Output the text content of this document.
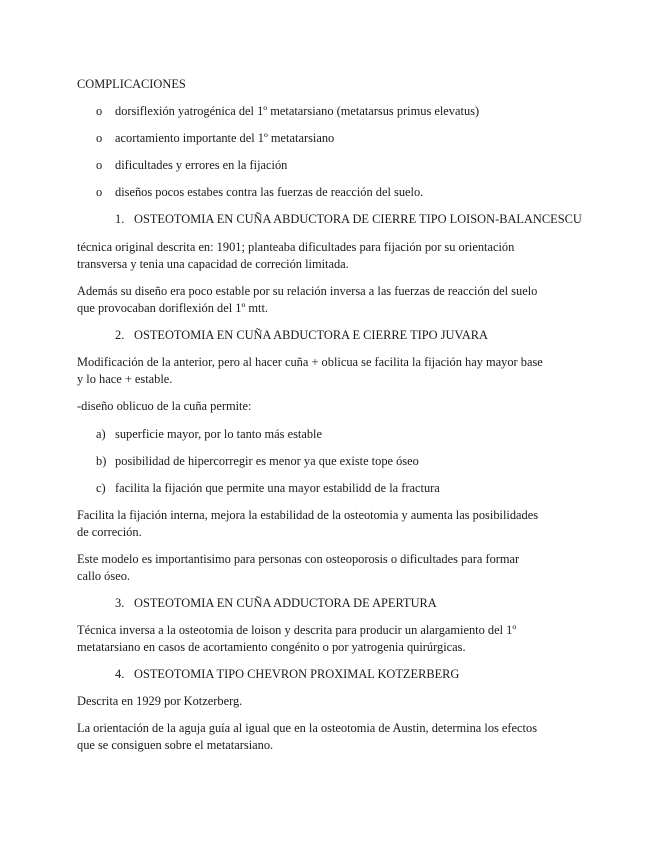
COMPLICACIONES
o dorsiflexión yatrogénica del 1º metatarsiano (metatarsus primus elevatus)
o acortamiento importante del 1º metatarsiano
o dificultades y errores en la fijación
o diseños pocos estabes contra las fuerzas de reacción del suelo.
1. OSTEOTOMIA EN CUÑA ABDUCTORA DE CIERRE TIPO LOISON-BALANCESCU
técnica original descrita en: 1901; planteaba dificultades para fijación por su orientación
transversa y tenia una capacidad de correción limitada.
Además su diseño era poco estable por su relación inversa a las fuerzas de reacción del suelo
que provocaban doriflexión del 1º mtt.
2. OSTEOTOMIA EN CUÑA ABDUCTORA E CIERRE TIPO JUVARA
Modificación de la anterior, pero al hacer cuña + oblicua se facilita la fijación hay mayor base
y lo hace + estable.
-diseño oblicuo de la cuña permite:
a) superficie mayor, por lo tanto más estable
b) posibilidad de hipercorregir es menor ya que existe tope óseo
c) facilita la fijación que permite una mayor estabilidd de la fractura
Facilita la fijación interna, mejora la estabilidad de la osteotomia y aumenta las posibilidades
de correción.
Este modelo es importantisimo para personas con osteoporosis o dificultades para formar
callo óseo.
3. OSTEOTOMIA EN CUÑA ADDUCTORA DE APERTURA
Técnica inversa a la osteotomia de loison y descrita para producir un alargamiento del 1º
metatarsiano en casos de acortamiento congénito o por yatrogenia quirúrgicas.
4. OSTEOTOMIA TIPO CHEVRON PROXIMAL KOTZERBERG
Descrita en 1929 por Kotzerberg.
La orientación de la aguja guía al igual que en la osteotomia de Austin, determina los efectos
que se consiguen sobre el metatarsiano.
